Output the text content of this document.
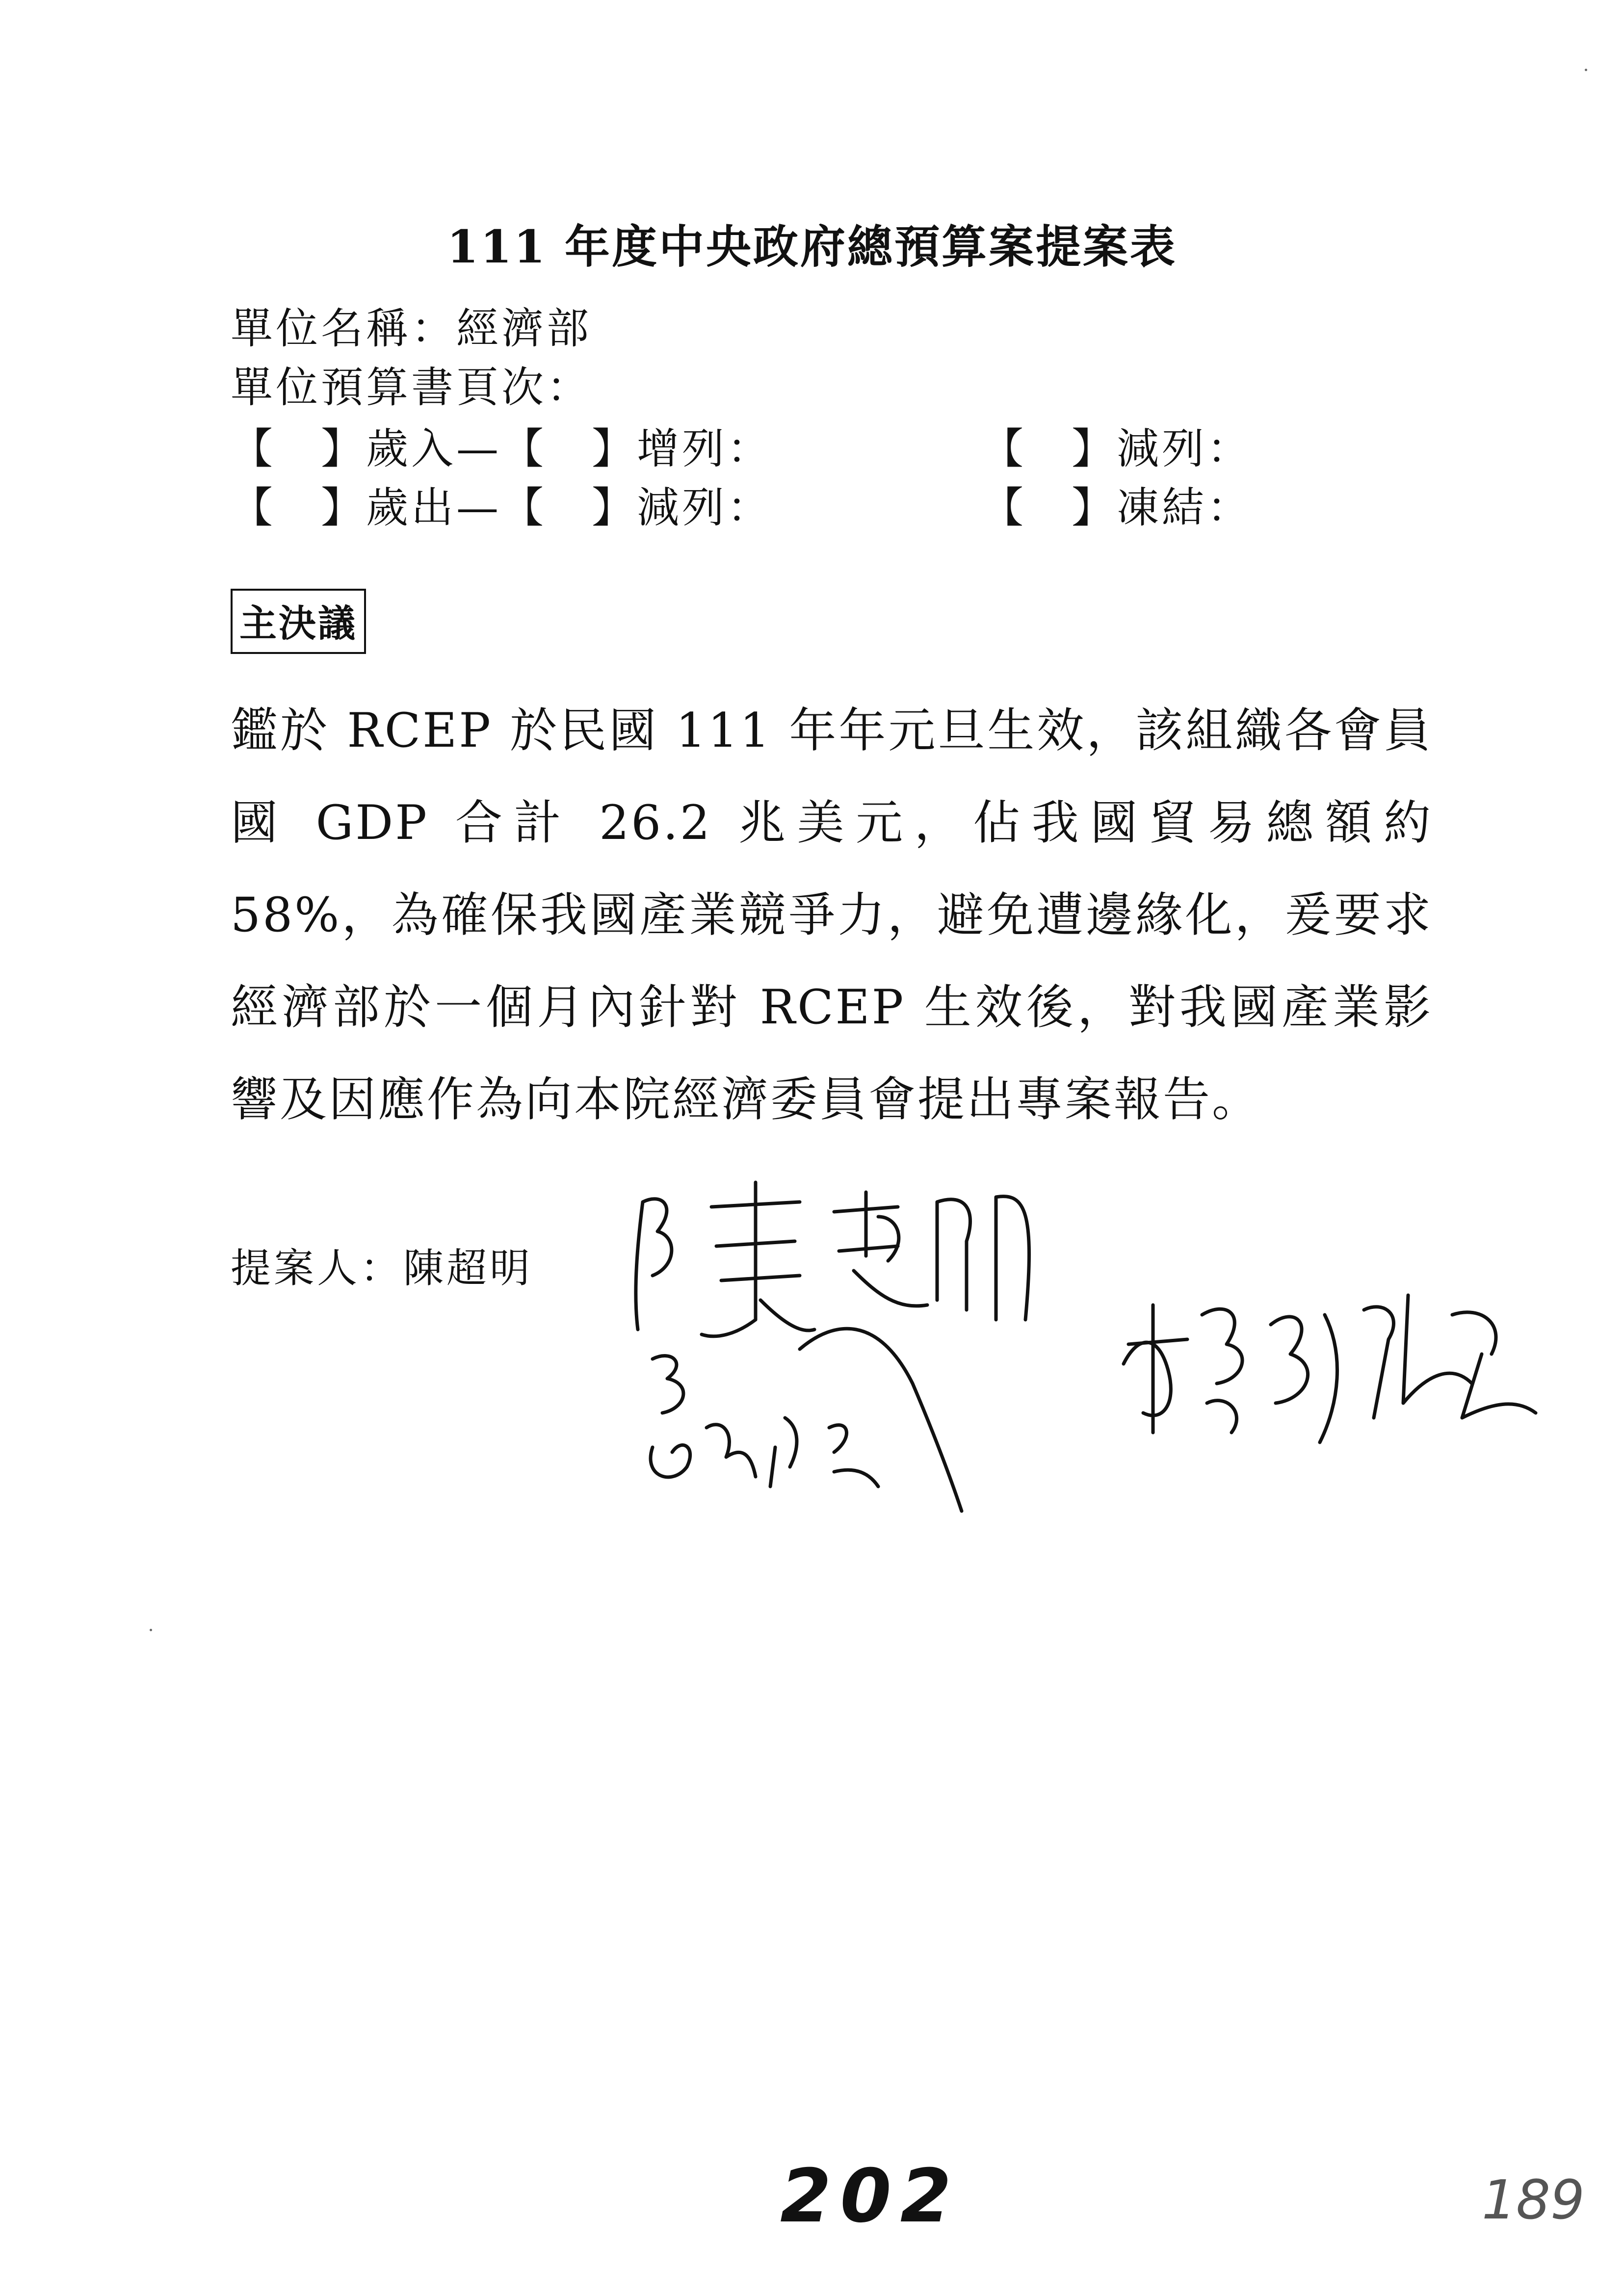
111 年度中央政府總預算案提案表
單位名稱：經濟部
單位預算書頁次：
【　】歲入—【　】增列：	【　】減列：
【　】歲出—【　】減列：	【　】凍結：
主決議
鑑於 RCEP 於民國 111 年年元旦生效，該組織各會員國 GDP 合計 26.2 兆美元，佔我國貿易總額約 58%，為確保我國產業競爭力，避免遭邊緣化，爰要求經濟部於一個月內針對 RCEP 生效後，對我國產業影響及因應作為向本院經濟委員會提出專案報告。
提案人：陳超明
202	189
